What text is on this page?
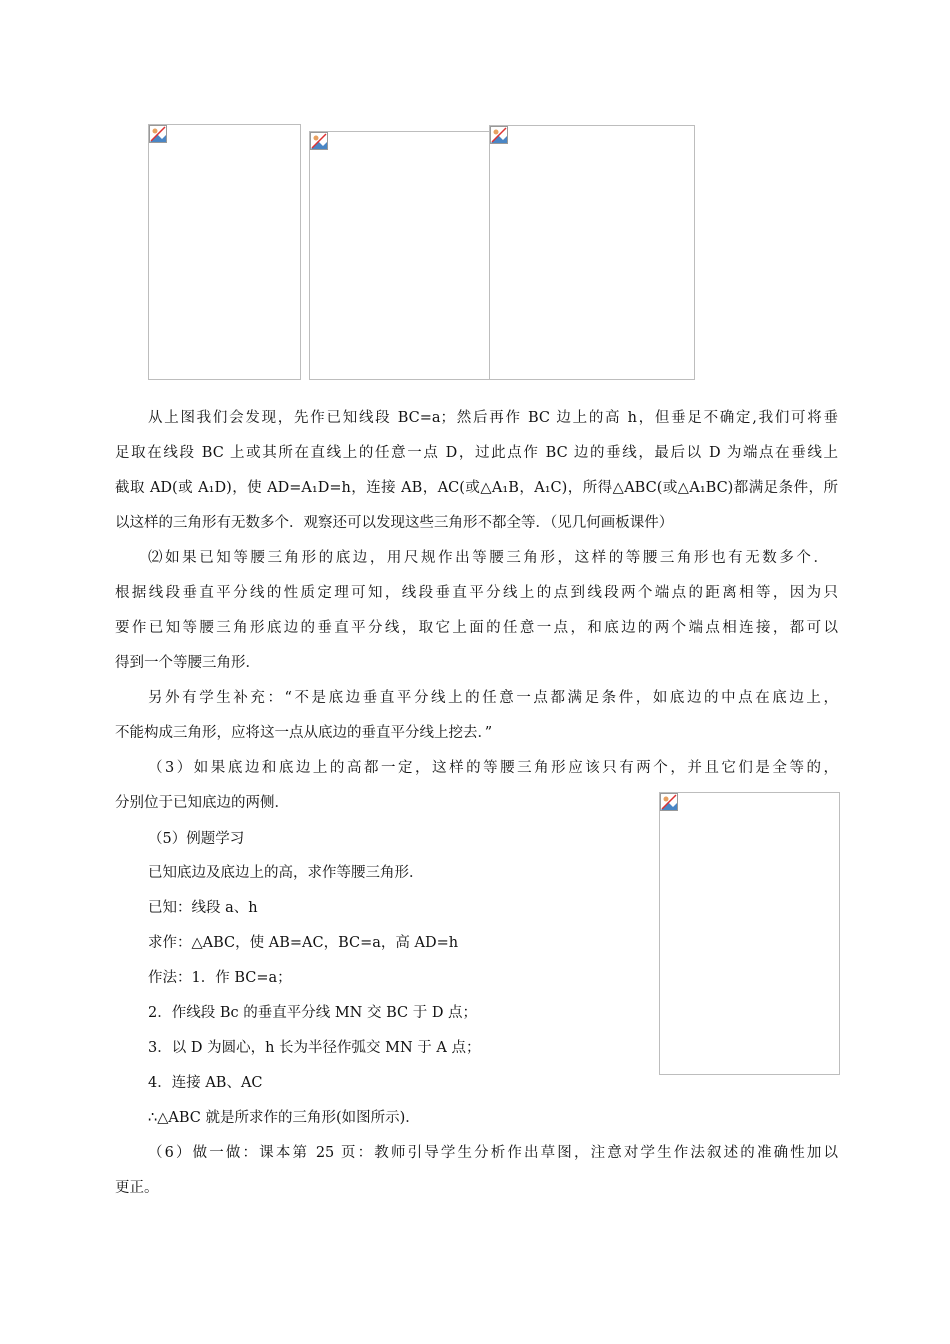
从上图我们会发现，先作已知线段 BC=a；然后再作 BC 边上的高 h，但垂足不确定,我们可将垂
足取在线段 BC 上或其所在直线上的任意一点 D，过此点作 BC 边的垂线，最后以 D 为端点在垂线上
截取 AD(或 A₁D)，使 AD=A₁D=h，连接 AB，AC(或△A₁B，A₁C)，所得△ABC(或△A₁BC)都满足条件，所
以这样的三角形有无数多个．观察还可以发现这些三角形不都全等．（见几何画板课件）
⑵如果已知等腰三角形的底边，用尺规作出等腰三角形，这样的等腰三角形也有无数多个．
根据线段垂直平分线的性质定理可知，线段垂直平分线上的点到线段两个端点的距离相等，因为只
要作已知等腰三角形底边的垂直平分线，取它上面的任意一点，和底边的两个端点相连接，都可以
得到一个等腰三角形．
另外有学生补充：“不是底边垂直平分线上的任意一点都满足条件，如底边的中点在底边上，
不能构成三角形，应将这一点从底边的垂直平分线上挖去．”
（3）如果底边和底边上的高都一定，这样的等腰三角形应该只有两个，并且它们是全等的，
分别位于已知底边的两侧．
（5）例题学习
已知底边及底边上的高，求作等腰三角形．
已知：线段 a、h
求作：△ABC，使 AB=AC，BC=a，高 AD=h
作法：1．作 BC=a；
2．作线段 Bc 的垂直平分线 MN 交 BC 于 D 点；
3．以 D 为圆心，h 长为半径作弧交 MN 于 A 点；
4．连接 AB、AC
∴△ABC 就是所求作的三角形(如图所示)．
（6）做一做：课本第 25 页：教师引导学生分析作出草图，注意对学生作法叙述的准确性加以
更正。
